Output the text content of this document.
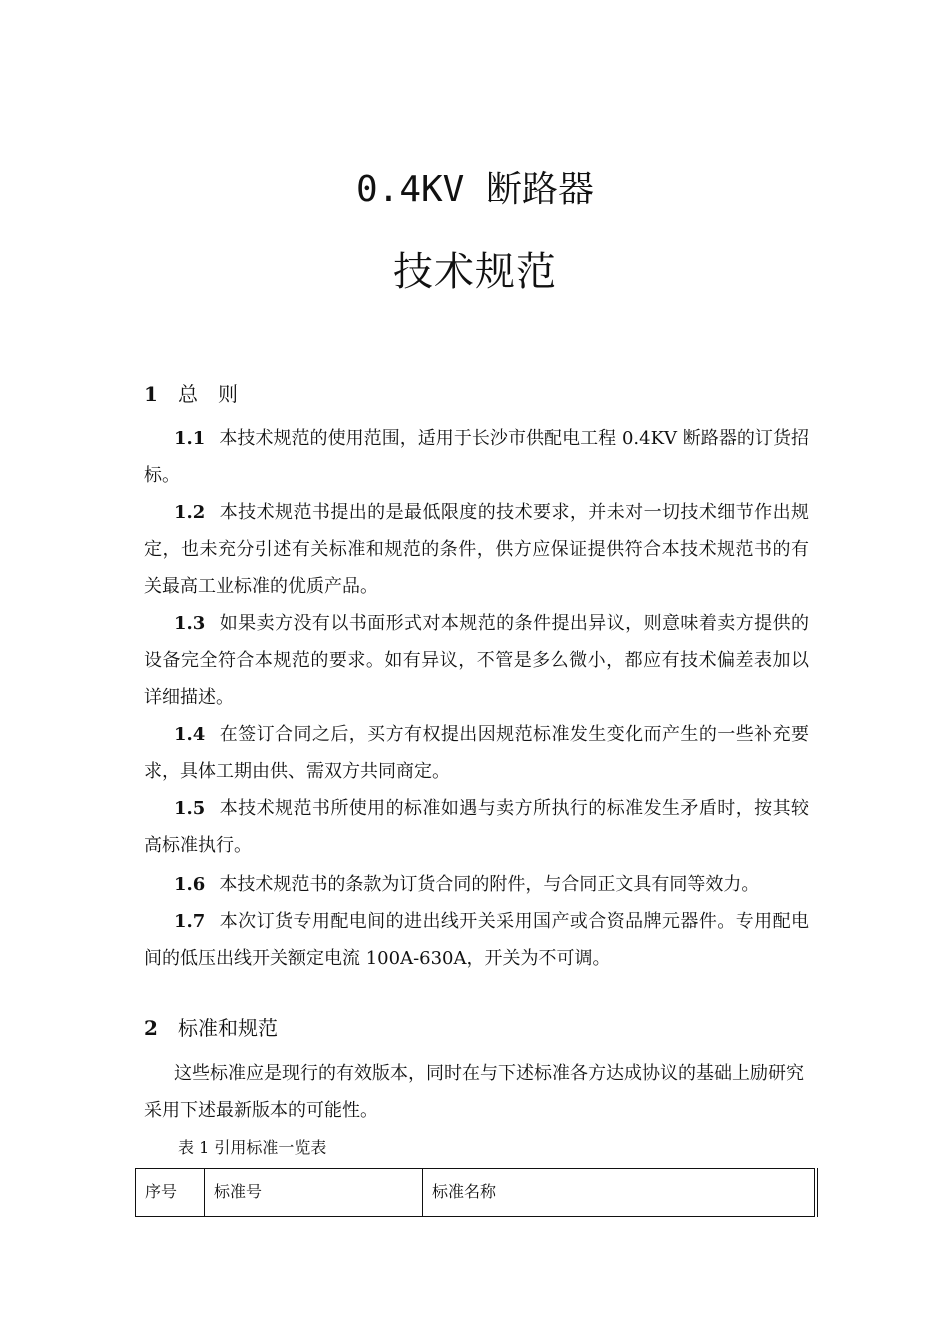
0.4KV 断路器
技术规范
1 总　则
1.1 本技术规范的使用范围，适用于长沙市供配电工程 0.4KV 断路器的订货招标。
1.2 本技术规范书提出的是最低限度的技术要求，并未对一切技术细节作出规定，也未充分引述有关标准和规范的条件，供方应保证提供符合本技术规范书的有关最高工业标准的优质产品。
1.3 如果卖方没有以书面形式对本规范的条件提出异议，则意味着卖方提供的设备完全符合本规范的要求。如有异议，不管是多么微小，都应有技术偏差表加以详细描述。
1.4 在签订合同之后，买方有权提出因规范标准发生变化而产生的一些补充要求，具体工期由供、需双方共同商定。
1.5 本技术规范书所使用的标准如遇与卖方所执行的标准发生矛盾时，按其较高标准执行。
1.6 本技术规范书的条款为订货合同的附件，与合同正文具有同等效力。
1.7 本次订货专用配电间的进出线开关采用国产或合资品牌元器件。专用配电间的低压出线开关额定电流 100A-630A，开关为不可调。
2 标准和规范
这些标准应是现行的有效版本，同时在与下述标准各方达成协议的基础上励研究采用下述最新版本的可能性。
表 1 引用标准一览表
序号	标准号	标准名称
